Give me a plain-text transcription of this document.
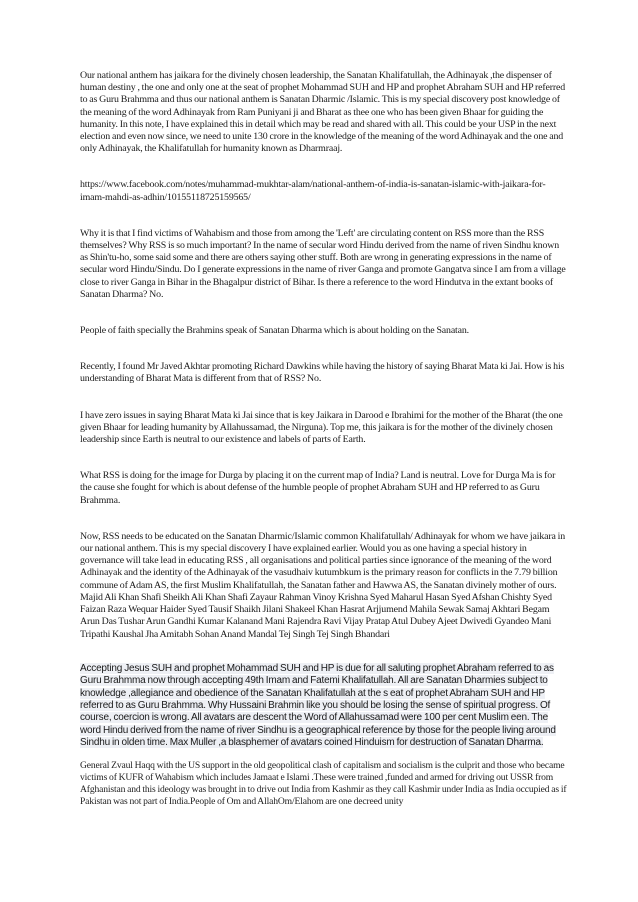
Our national anthem has jaikara for the divinely chosen leadership, the Sanatan Khalifatullah, the Adhinayak ,the dispenser of human destiny , the one and only one at the seat of prophet Mohammad SUH and HP and prophet Abraham SUH and HP referred to as Guru Brahmma and thus our national anthem is Sanatan Dharmic /Islamic. This is my special discovery post knowledge of the meaning of the word Adhinayak from Ram Puniyani ji and Bharat as thee one who has been given Bhaar for guiding the humanity. In this note, I have explained this in detail which may be read and shared with all. This could be your USP in the next election and even now since, we need to unite 130 crore in the knowledge of the meaning of the word Adhinayak and the one and only Adhinayak, the Khalifatullah for humanity known as Dharmraaj.

https://www.facebook.com/notes/muhammad-mukhtar-alam/national-anthem-of-india-is-sanatan-islamic-with-jaikara-for-imam-mahdi-as-adhin/10155118725159565/

Why it is that I find victims of Wahabism and those from among the 'Left' are circulating content on RSS more than the RSS themselves? Why RSS is so much important? In the name of secular word Hindu derived from the name of riven Sindhu known as Shin'tu-ho, some said some and there are others saying other stuff. Both are wrong in generating expressions in the name of secular word Hindu/Sindu. Do I generate expressions in the name of river Ganga and promote Gangatva since I am from a village close to river Ganga in Bihar in the Bhagalpur district of Bihar. Is there a reference to the word Hindutva in the extant books of Sanatan Dharma? No.

People of faith specially the Brahmins speak of Sanatan Dharma which is about holding on the Sanatan.

Recently, I found Mr Javed Akhtar promoting Richard Dawkins while having the history of saying Bharat Mata ki Jai. How is his understanding of Bharat Mata is different from that of RSS? No.

I have zero issues in saying Bharat Mata ki Jai since that is key Jaikara in Darood e Ibrahimi for the mother of the Bharat (the one given Bhaar for leading humanity by Allahussamad, the Nirguna). Top me, this jaikara is for the mother of the divinely chosen leadership since Earth is neutral to our existence and labels of parts of Earth.

What RSS is doing for the image for Durga by placing it on the current map of India? Land is neutral. Love for Durga Ma is for the cause she fought for which is about defense of the humble people of prophet Abraham SUH and HP referred to as Guru Brahmma.

Now, RSS needs to be educated on the Sanatan Dharmic/Islamic common Khalifatullah/ Adhinayak for whom we have jaikara in our national anthem. This is my special discovery I have explained earlier. Would you as one having a special history in governance will take lead in educating RSS , all organisations and political parties since ignorance of the meaning of the word Adhinayak and the identity of the Adhinayak of the vasudhaiv kutumbkum is the primary reason for conflicts in the 7.79 billion commune of Adam AS, the first Muslim Khalifatullah, the Sanatan father and Hawwa AS, the Sanatan divinely mother of ours. Majid Ali Khan Shafi Sheikh Ali Khan Shafi Zayaur Rahman Vinoy Krishna Syed Maharul Hasan Syed Afshan Chishty Syed Faizan Raza Wequar Haider Syed Tausif Shaikh Jilani Shakeel Khan Hasrat Arjjumend Mahila Sewak Samaj Akhtari Begam Arun Das Tushar Arun Gandhi Kumar Kalanand Mani Rajendra Ravi Vijay Pratap Atul Dubey Ajeet Dwivedi Gyandeo Mani Tripathi Kaushal Jha Amitabh Sohan Anand Mandal Tej Singh Tej Singh Bhandari

Accepting Jesus SUH and prophet Mohammad SUH and HP is due for all saluting prophet Abraham referred to as Guru Brahmma now through accepting 49th Imam and Fatemi Khalifatullah. All are Sanatan Dharmies subject to knowledge ,allegiance and obedience of the Sanatan Khalifatullah at the s eat of prophet Abraham SUH and HP referred to as Guru Brahmma. Why Hussaini Brahmin like you should be losing the sense of spiritual progress. Of course, coercion is wrong. All avatars are descent the Word of Allahussamad were 100 per cent Muslim een. The word Hindu derived from the name of river Sindhu is a geographical reference by those for the people living around Sindhu in olden time. Max Muller ,a blasphemer of avatars coined Hinduism for destruction of Sanatan Dharma.

General Zvaul Haqq with the US support in the old geopolitical clash of capitalism and socialism is the culprit and those who became victims of KUFR of Wahabism which includes Jamaat e Islami .These were trained ,funded and armed for driving out USSR from Afghanistan and this ideology was brought in to drive out India from Kashmir as they call Kashmir under India as India occupied as if Pakistan was not part of India.People of Om and AllahOm/Elahom are one decreed unity
